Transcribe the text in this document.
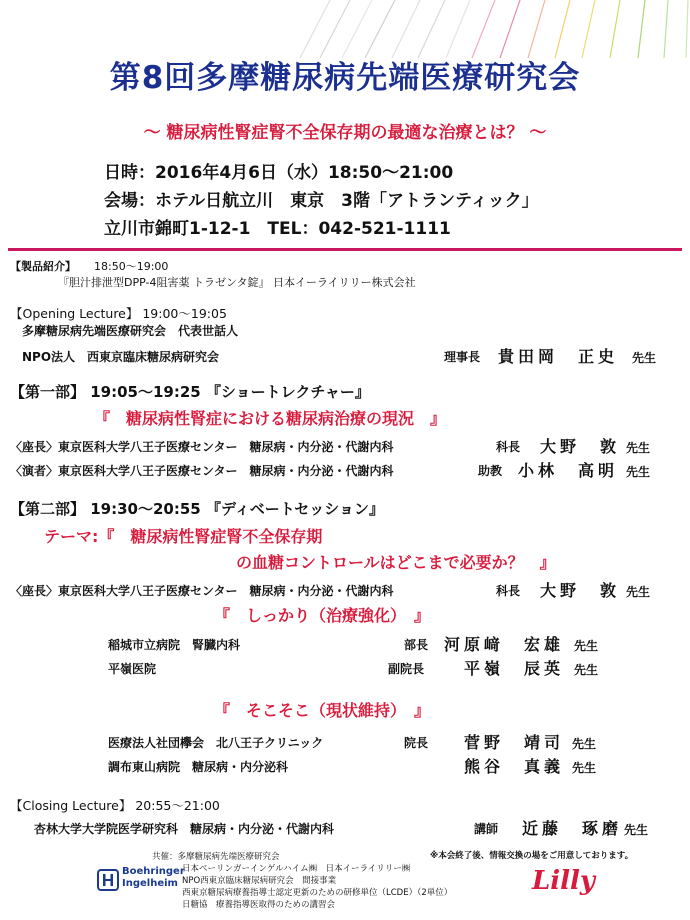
第8回多摩糖尿病先端医療研究会
～ 糖尿病性腎症腎不全保存期の最適な治療とは？ ～
日時：2016年4月6日（水）18:50～21:00
会場：ホテル日航立川　東京　3階「アトランティック」
立川市錦町1-12-1　TEL：042-521-1111
【製品紹介】 18:50～19:00
『胆汁排泄型DPP-4阻害薬 トラゼンタ錠』 日本イーライリリー株式会社
【Opening Lecture】 19:00～19:05
多摩糖尿病先端医療研究会　代表世話人
NPO法人　西東京臨床糖尿病研究会	理事長 貴田岡　正史 先生
【第一部】 19:05～19:25 『ショートレクチャー』
『　糖尿病性腎症における糖尿病治療の現況　』
〈座長〉東京医科大学八王子医療センター　糖尿病・内分泌・代謝内科	科長 大野　敦 先生
〈演者〉東京医科大学八王子医療センター　糖尿病・内分泌・代謝内科	助教 小林　高明 先生
【第二部】 19:30～20:55 『ディベートセッション』
テーマ:『　糖尿病性腎症腎不全保存期
の血糖コントロールはどこまで必要か？　』
〈座長〉東京医科大学八王子医療センター　糖尿病・内分泌・代謝内科	科長 大野　敦 先生
『　しっかり（治療強化）　』
稲城市立病院　腎臓内科	部長 河原﨑　宏雄 先生
平嶺医院	副院長 平嶺　辰英 先生
『　そこそこ（現状維持）　』
医療法人社団欅会　北八王子クリニック	院長 菅野　靖司 先生
調布東山病院　糖尿病・内分泌科	熊谷　真義 先生
【Closing Lecture】 20:55～21:00
杏林大学大学院医学研究科　糖尿病・内分泌・代謝内科	講師 近藤　琢磨 先生
共催：多摩糖尿病先端医療研究会	※本会終了後、情報交換の場をご用意しております。
日本ベーリンガーインゲルハイム㈱　日本イーライリリー㈱
NPO西東京臨床糖尿病研究会　間接事業
西東京糖尿病療養指導士認定更新のための研修単位（LCDE）（2単位）
日糖協　療養指導医取得のための講習会
Boehringer
Ingelheim	Lilly
